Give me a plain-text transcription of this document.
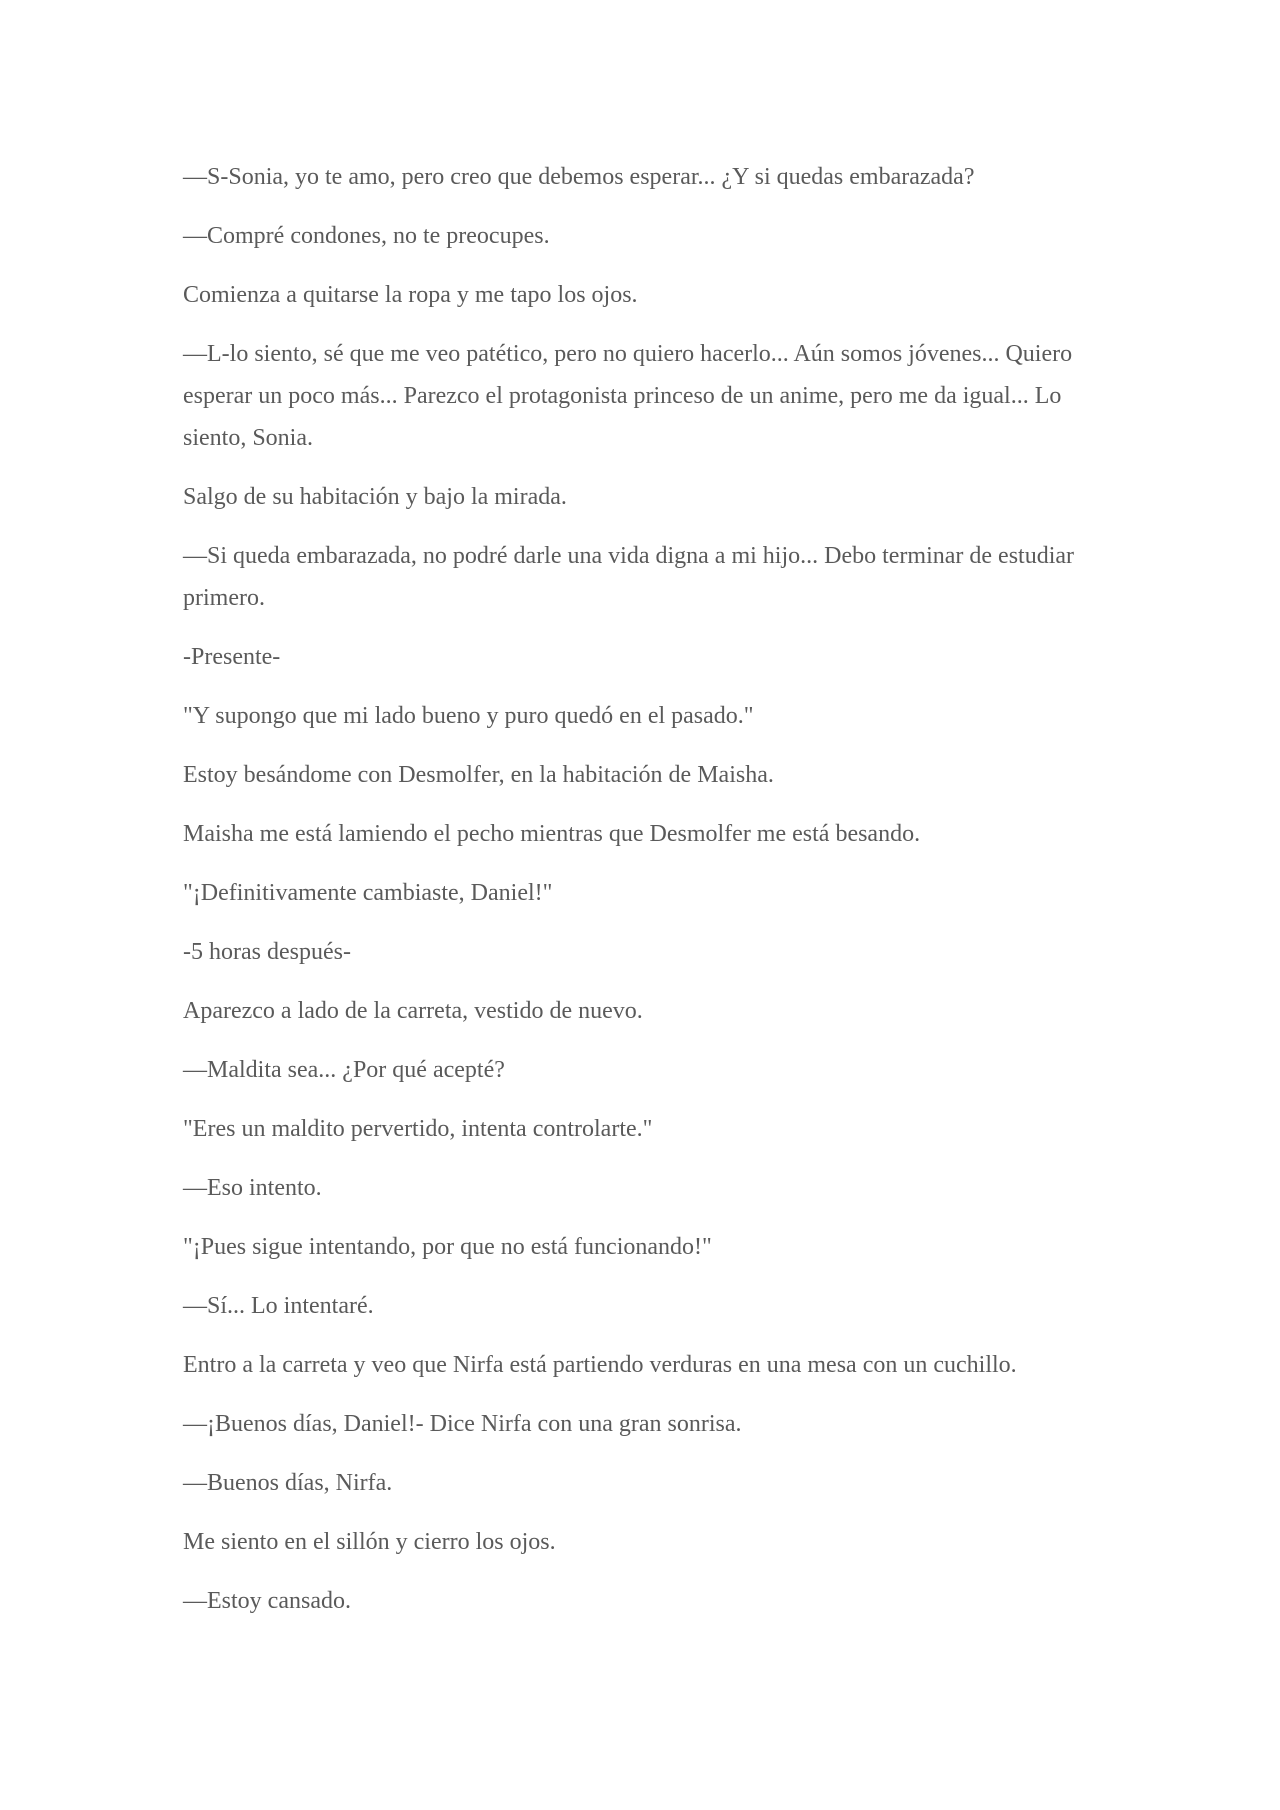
—S-Sonia, yo te amo, pero creo que debemos esperar... ¿Y si quedas embarazada?

—Compré condones, no te preocupes.

Comienza a quitarse la ropa y me tapo los ojos.

—L-lo siento, sé que me veo patético, pero no quiero hacerlo... Aún somos jóvenes... Quiero esperar un poco más... Parezco el protagonista princeso de un anime, pero me da igual... Lo siento, Sonia.

Salgo de su habitación y bajo la mirada.

—Si queda embarazada, no podré darle una vida digna a mi hijo... Debo terminar de estudiar primero.

-Presente-

"Y supongo que mi lado bueno y puro quedó en el pasado."

Estoy besándome con Desmolfer, en la habitación de Maisha.

Maisha me está lamiendo el pecho mientras que Desmolfer me está besando.

"¡Definitivamente cambiaste, Daniel!"

-5 horas después-

Aparezco a lado de la carreta, vestido de nuevo.

—Maldita sea... ¿Por qué acepté?

"Eres un maldito pervertido, intenta controlarte."

—Eso intento.

"¡Pues sigue intentando, por que no está funcionando!"

—Sí... Lo intentaré.

Entro a la carreta y veo que Nirfa está partiendo verduras en una mesa con un cuchillo.

—¡Buenos días, Daniel!- Dice Nirfa con una gran sonrisa.

—Buenos días, Nirfa.

Me siento en el sillón y cierro los ojos.

—Estoy cansado.
